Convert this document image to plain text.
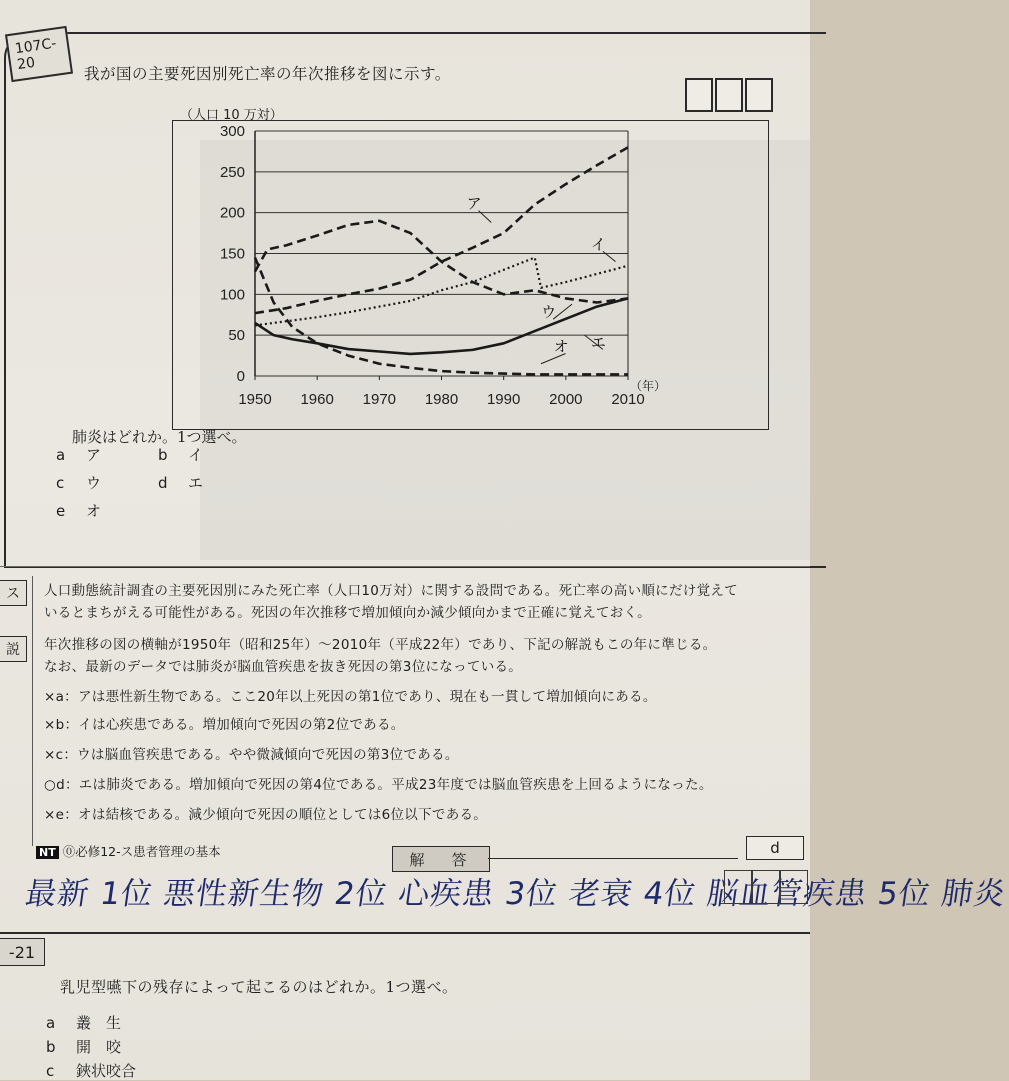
107C-20
我が国の主要死因別死亡率の年次推移を図に示す。
0
50
100
150
200
250
300
1950 1960 1970 1980 1990 2000 2010
（人口 10 万対）
（年）
ア
イ
ウ
エ
オ
肺炎はどれか。1つ選べ。
a ア	b イ
c ウ	d エ
e オ
ス
説
人口動態統計調査の主要死因別にみた死亡率（人口10万対）に関する設問である。死亡率の高い順にだけ覚えて
いるとまちがえる可能性がある。死因の年次推移で増加傾向か減少傾向かまで正確に覚えておく。
年次推移の図の横軸が1950年（昭和25年）～2010年（平成22年）であり、下記の解説もこの年に準じる。
なお、最新のデータでは肺炎が脳血管疾患を抜き死因の第3位になっている。
×a：アは悪性新生物である。ここ20年以上死因の第1位であり、現在も一貫して増加傾向にある。
×b：イは心疾患である。増加傾向で死因の第2位である。
×c：ウは脳血管疾患である。やや微減傾向で死因の第3位である。
○d：エは肺炎である。増加傾向で死因の第4位である。平成23年度では脳血管疾患を上回るようになった。
×e：オは結核である。減少傾向で死因の順位としては6位以下である。
NT ⓪必修12-ス患者管理の基本	解　答
d
最新 1位 悪性新生物 2位 心疾患 3位 老衰 4位 脳血管疾患 5位 肺炎
-21
乳児型嚥下の残存によって起こるのはどれか。1つ選べ。
a 叢　生
b 開　咬
c 鋏状咬合
